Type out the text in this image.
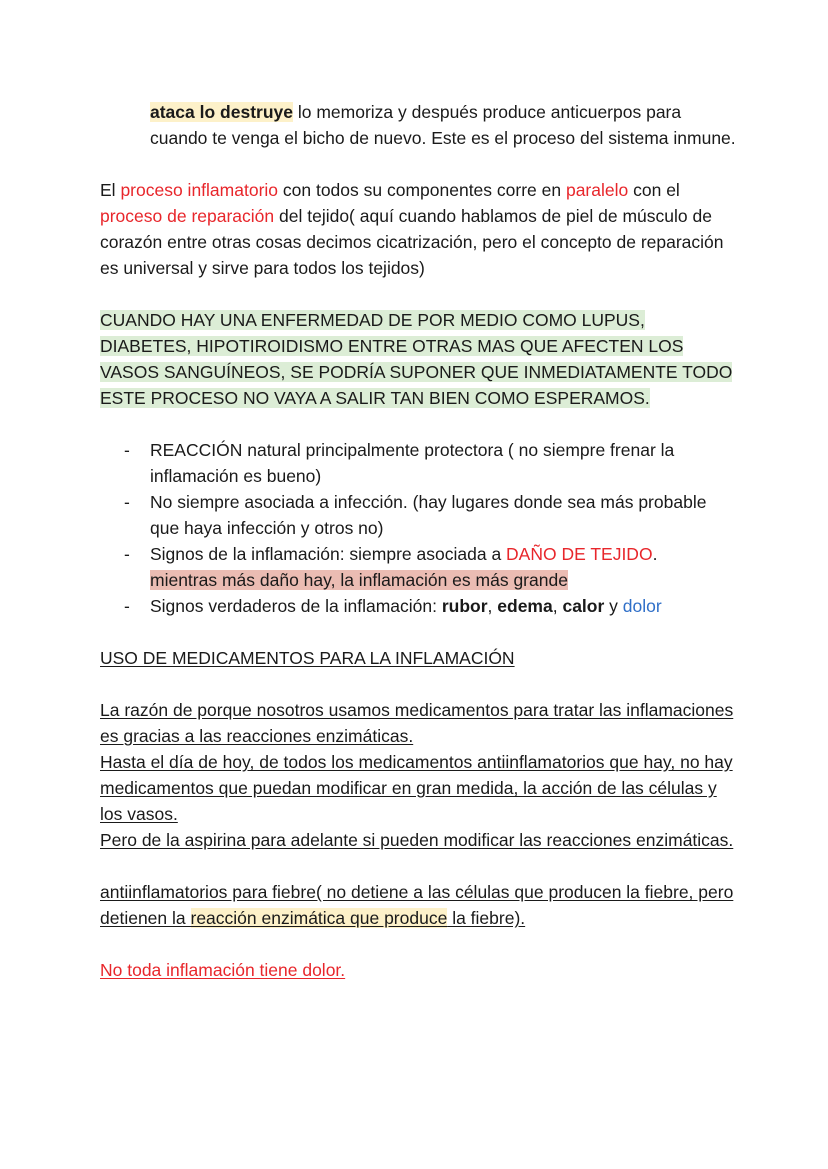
ataca lo destruye lo memoriza y después produce anticuerpos para cuando te venga el bicho de nuevo. Este es el proceso del sistema inmune.

El proceso inflamatorio con todos su componentes corre en paralelo con el proceso de reparación del tejido( aquí cuando hablamos de piel de músculo de corazón entre otras cosas decimos cicatrización, pero el concepto de reparación es universal y sirve para todos los tejidos)

CUANDO HAY UNA ENFERMEDAD DE POR MEDIO COMO LUPUS, DIABETES, HIPOTIROIDISMO ENTRE OTRAS MAS QUE AFECTEN LOS VASOS SANGUÍNEOS, SE PODRÍA SUPONER QUE INMEDIATAMENTE TODO ESTE PROCESO NO VAYA A SALIR TAN BIEN COMO ESPERAMOS.

- REACCIÓN natural principalmente protectora ( no siempre frenar la inflamación es bueno)
- No siempre asociada a infección. (hay lugares donde sea más probable que haya infección y otros no)
- Signos de la inflamación: siempre asociada a DAÑO DE TEJIDO.
mientras más daño hay, la inflamación es más grande
- Signos verdaderos de la inflamación: rubor, edema, calor y dolor

USO DE MEDICAMENTOS PARA LA INFLAMACIÓN

La razón de porque nosotros usamos medicamentos para tratar las inflamaciones es gracias a las reacciones enzimáticas.

Hasta el día de hoy, de todos los medicamentos antiinflamatorios que hay, no hay medicamentos que puedan modificar en gran medida, la acción de las células y los vasos.

Pero de la aspirina para adelante si pueden modificar las reacciones enzimáticas.

antiinflamatorios para fiebre( no detiene a las células que producen la fiebre, pero detienen la reacción enzimática que produce la fiebre).

No toda inflamación tiene dolor.
